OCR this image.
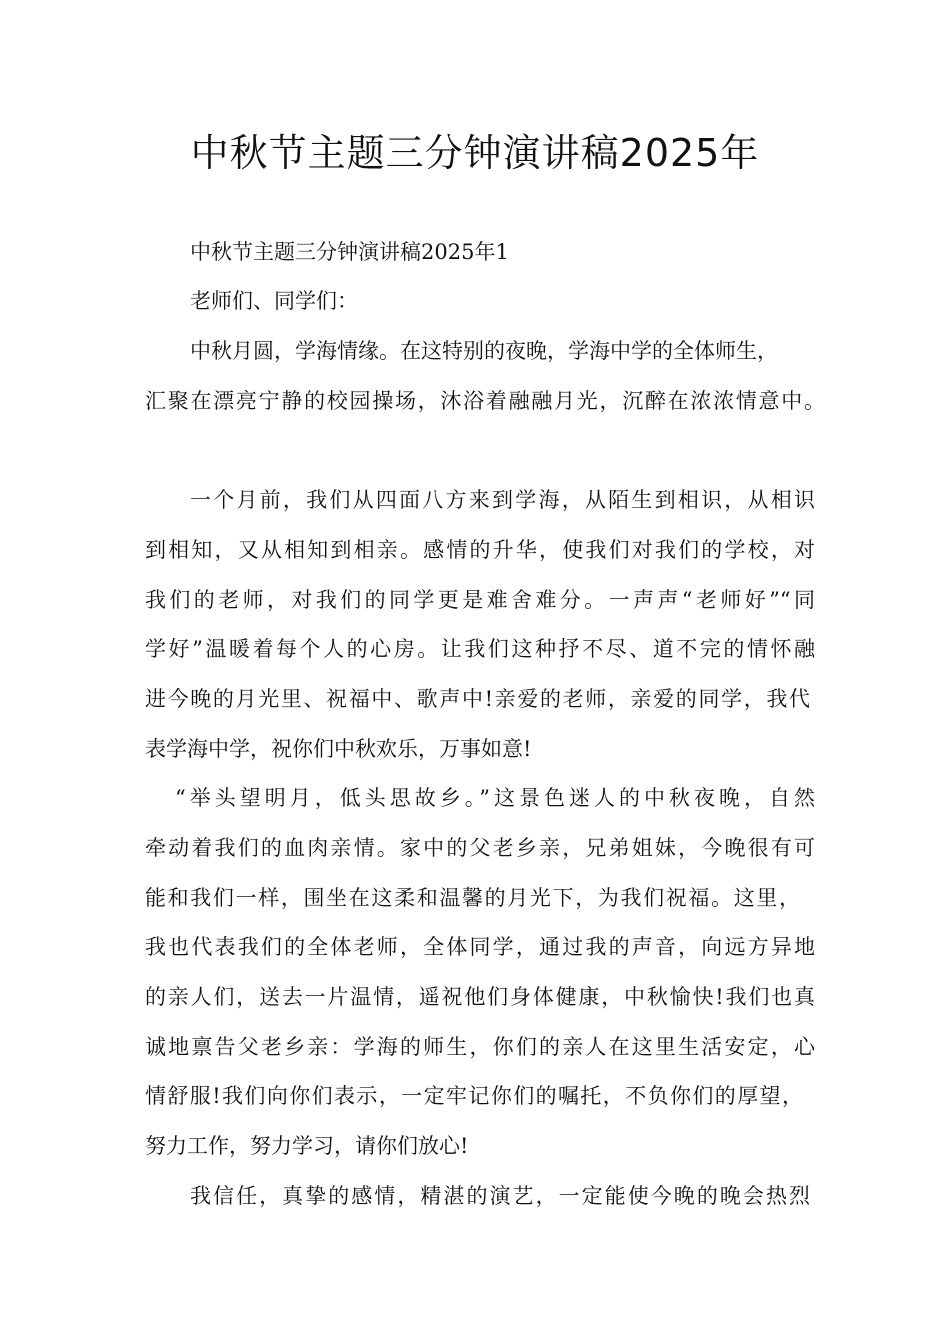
中秋节主题三分钟演讲稿2025年

中秋节主题三分钟演讲稿2025年1

老师们、同学们：

中秋月圆，学海情缘。在这特别的夜晚，学海中学的全体师生，

汇聚在漂亮宁静的校园操场，沐浴着融融月光，沉醉在浓浓情意中。

一个月前，我们从四面八方来到学海，从陌生到相识，从相识

到相知，又从相知到相亲。感情的升华，使我们对我们的学校，对

我们的老师，对我们的同学更是难舍难分。一声声“老师好”“同

学好”温暖着每个人的心房。让我们这种抒不尽、道不完的情怀融

进今晚的月光里、祝福中、歌声中!亲爱的老师，亲爱的同学，我代

表学海中学，祝你们中秋欢乐，万事如意!

“举头望明月，低头思故乡。”这景色迷人的中秋夜晚，自然

牵动着我们的血肉亲情。家中的父老乡亲，兄弟姐妹，今晚很有可

能和我们一样，围坐在这柔和温馨的月光下，为我们祝福。这里，

我也代表我们的全体老师，全体同学，通过我的声音，向远方异地

的亲人们，送去一片温情，遥祝他们身体健康，中秋愉快!我们也真

诚地禀告父老乡亲：学海的师生，你们的亲人在这里生活安定，心

情舒服!我们向你们表示，一定牢记你们的嘱托，不负你们的厚望，

努力工作，努力学习，请你们放心!

我信任，真挚的感情，精湛的演艺，一定能使今晚的晚会热烈
